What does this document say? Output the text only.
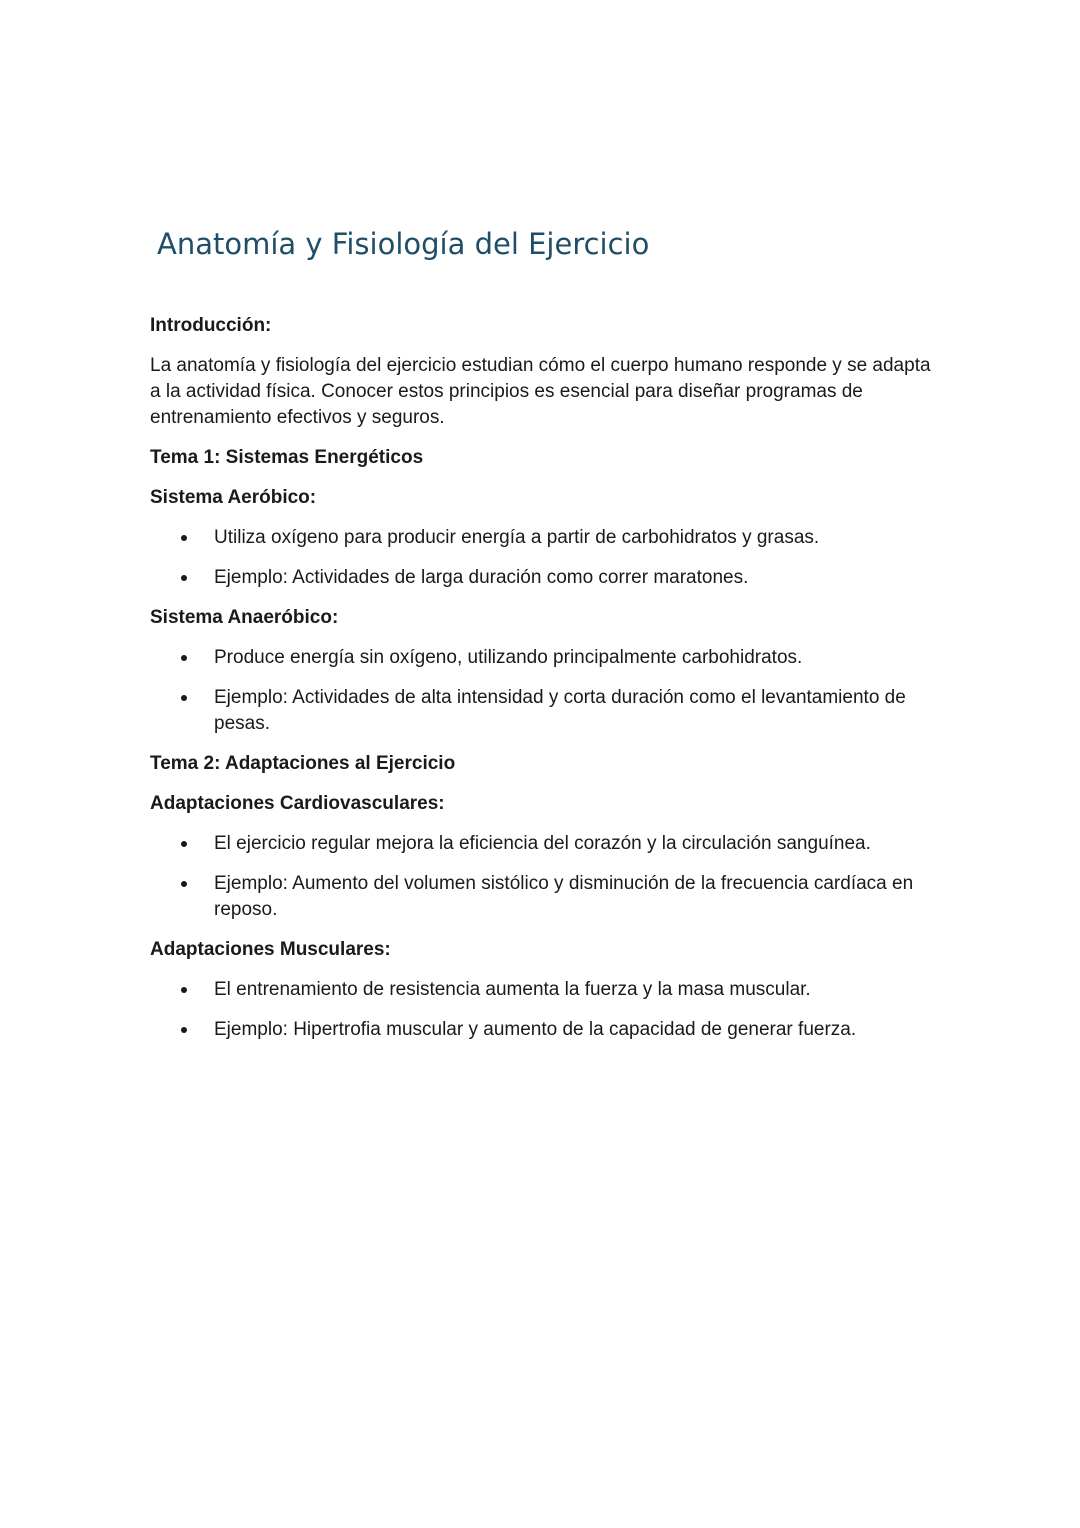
Anatomía y Fisiología del Ejercicio
Introducción:

La anatomía y fisiología del ejercicio estudian cómo el cuerpo humano responde y se adapta a la actividad física. Conocer estos principios es esencial para diseñar programas de entrenamiento efectivos y seguros.

Tema 1: Sistemas Energéticos
Sistema Aeróbico:
Utiliza oxígeno para producir energía a partir de carbohidratos y grasas.
Ejemplo: Actividades de larga duración como correr maratones.
Sistema Anaeróbico:
Produce energía sin oxígeno, utilizando principalmente carbohidratos.
Ejemplo: Actividades de alta intensidad y corta duración como el levantamiento de pesas.
Tema 2: Adaptaciones al Ejercicio
Adaptaciones Cardiovasculares:
El ejercicio regular mejora la eficiencia del corazón y la circulación sanguínea.
Ejemplo: Aumento del volumen sistólico y disminución de la frecuencia cardíaca en reposo.
Adaptaciones Musculares:
El entrenamiento de resistencia aumenta la fuerza y la masa muscular.
Ejemplo: Hipertrofia muscular y aumento de la capacidad de generar fuerza.
